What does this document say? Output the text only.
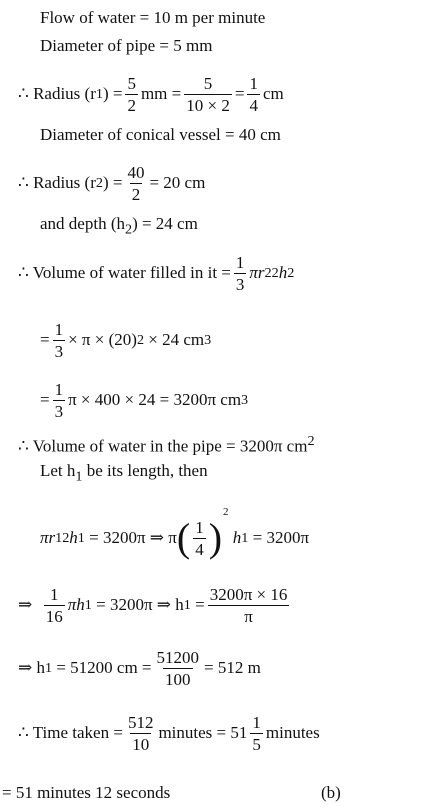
Flow of water = 10 m per minute
Diameter of pipe = 5 mm
∴ Radius (r 1 ) = $\frac{5}{2}$ mm = $\frac{5}{10 \times 2} = \frac{1}{4}$ cm
Diameter of conical vessel = 40 cm
∴ Radius (r 2 ) = $\frac{40}{2} = 20$ cm
and depth $(h_2) = 24$ cm
∴ Volume of water filled in it = $\frac{1}{3}$ πr 2 2 h 2
= $\frac{1}{3} \times \pi \times (20)$ 2
× 24 cm 3
= $\frac{1}{3}$ π × 400 × 24 = 3200π cm 3
∴ Volume of water in the pipe = 3200π $cm^2$
Let $h_1$ be its length, then
πr 1 2 h 1 = 3200π ⇒ π ( $\frac{1}{4}$ )
2

h 1 = 3200π
⇒
$\frac{1}{16}$ πh 1 = 3200π ⇒ h $1 = \frac{3200\pi \times 16}{\pi}$
⇒ h 1 = 51200 cm = $\frac{51200}{100} = 512$ m
∴ Time taken = $\frac{512}{10}$ minutes = $51 \frac{1}{5}$ minutes
= 51 minutes 12 seconds	(b)
